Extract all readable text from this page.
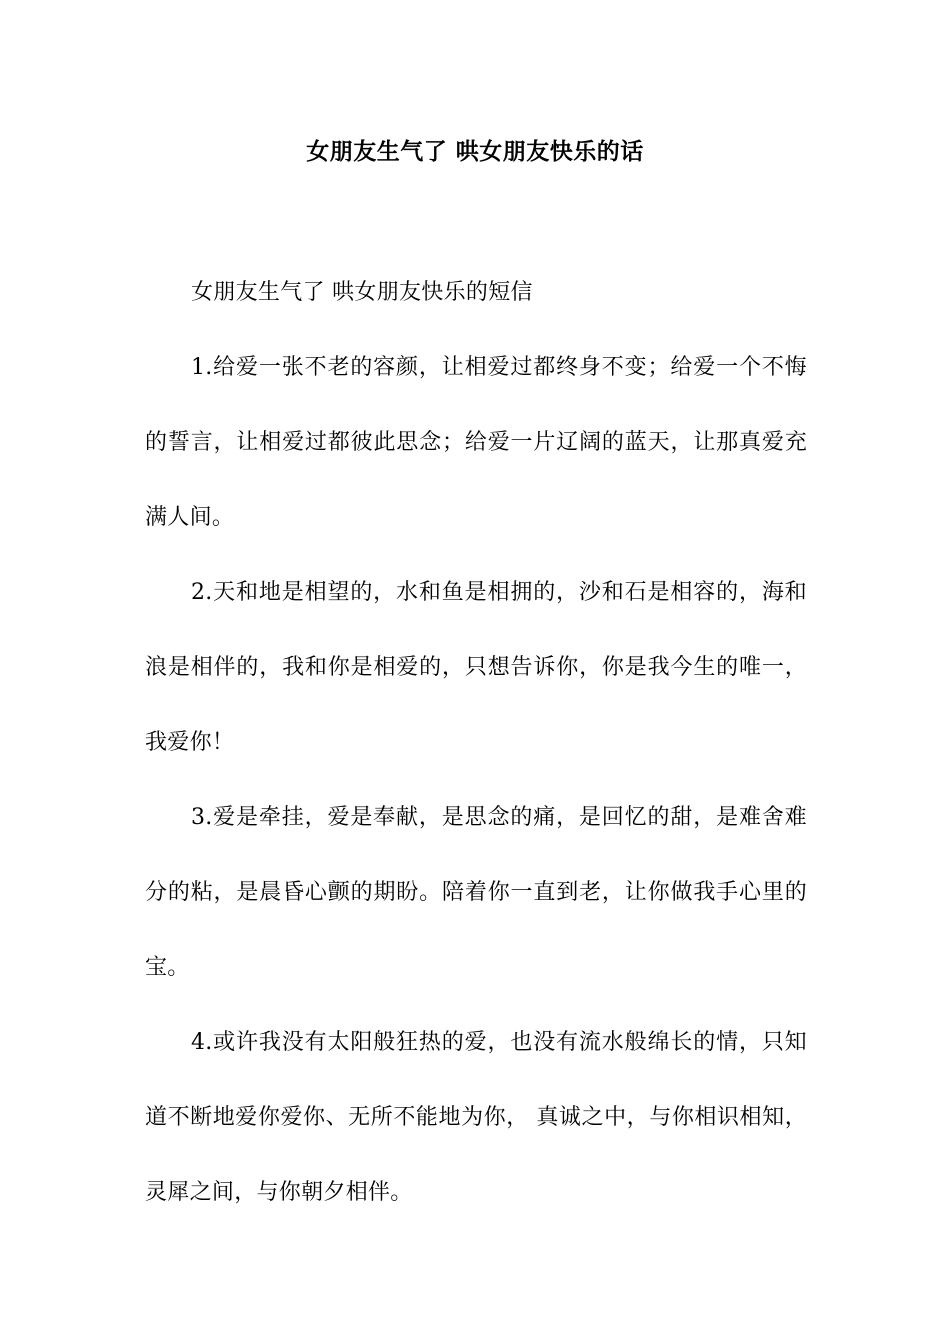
女朋友生气了 哄女朋友快乐的话

女朋友生气了 哄女朋友快乐的短信

1.给爱一张不老的容颜，让相爱过都终身不变；给爱一个不悔的誓言，让相爱过都彼此思念；给爱一片辽阔的蓝天，让那真爱充满人间。

2.天和地是相望的，水和鱼是相拥的，沙和石是相容的，海和浪是相伴的，我和你是相爱的，只想告诉你，你是我今生的唯一，我爱你！

3.爱是牵挂，爱是奉献，是思念的痛，是回忆的甜，是难舍难分的粘，是晨昏心颤的期盼。陪着你一直到老，让你做我手心里的宝。

4.或许我没有太阳般狂热的爱，也没有流水般绵长的情，只知道不断地爱你爱你、无所不能地为你， 真诚之中，与你相识相知，灵犀之间，与你朝夕相伴。
